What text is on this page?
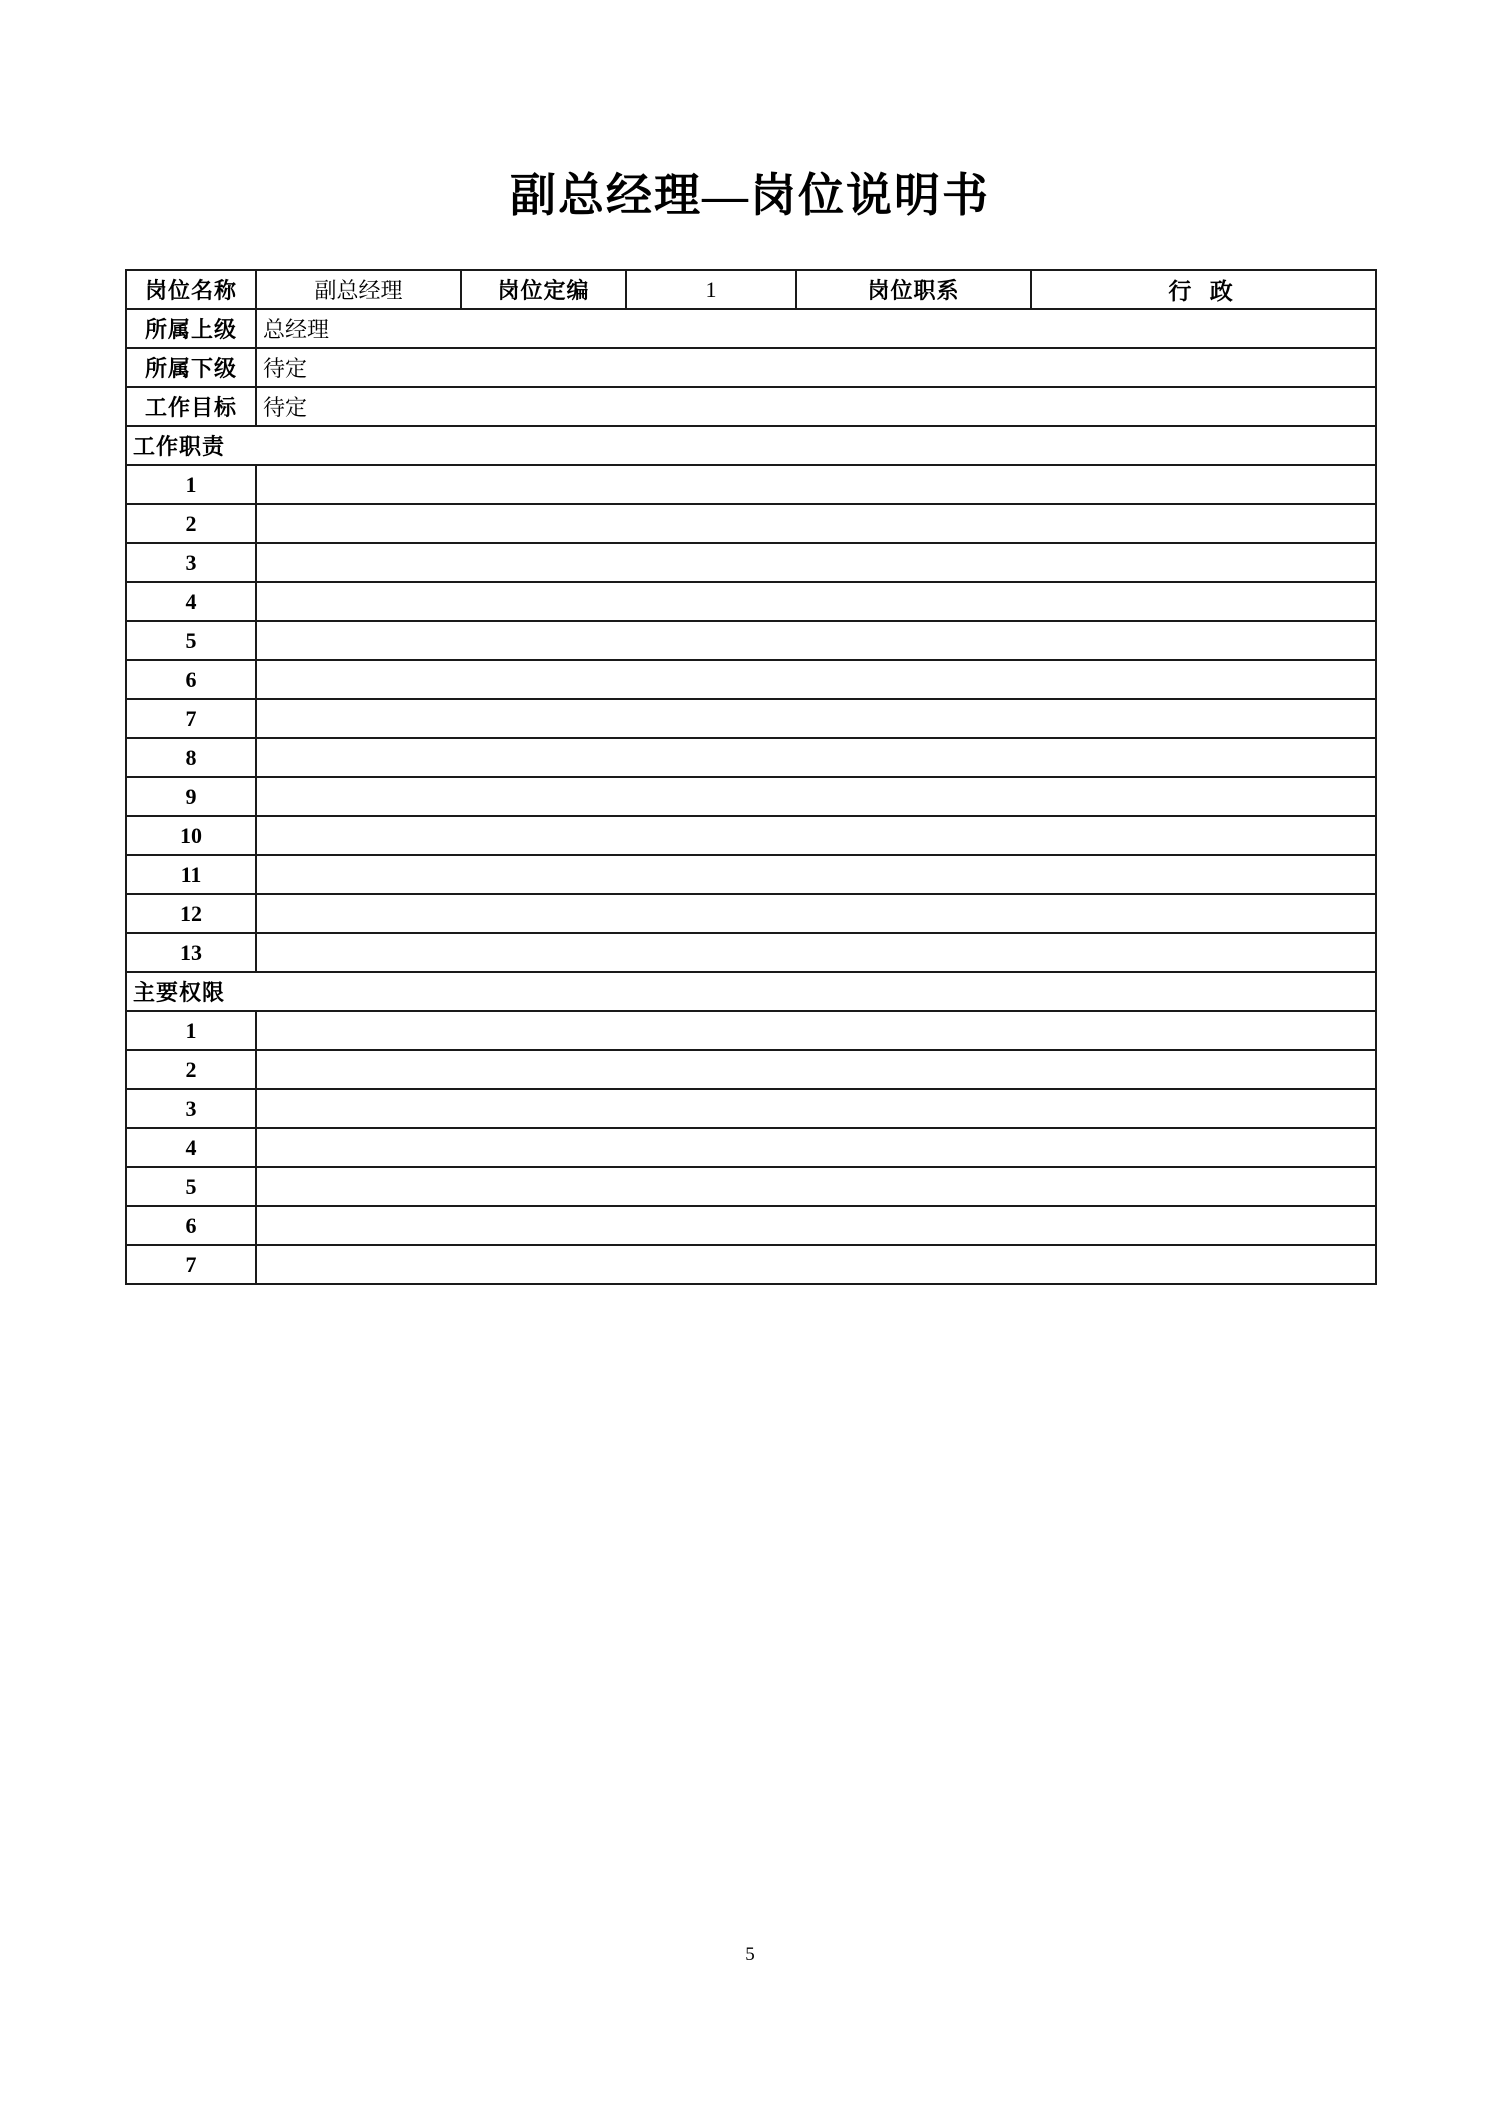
副总经理—岗位说明书
岗位名称	副总经理	岗位定编	1	岗位职系	行 政
所属上级	总经理				
所属下级	待定				
工作目标	待定				
工作职责					
1					
2					
3					
4					
5					
6					
7					
8					
9					
10					
11					
12					
13					
主要权限					
1					
2					
3					
4					
5					
6					
7					
5
